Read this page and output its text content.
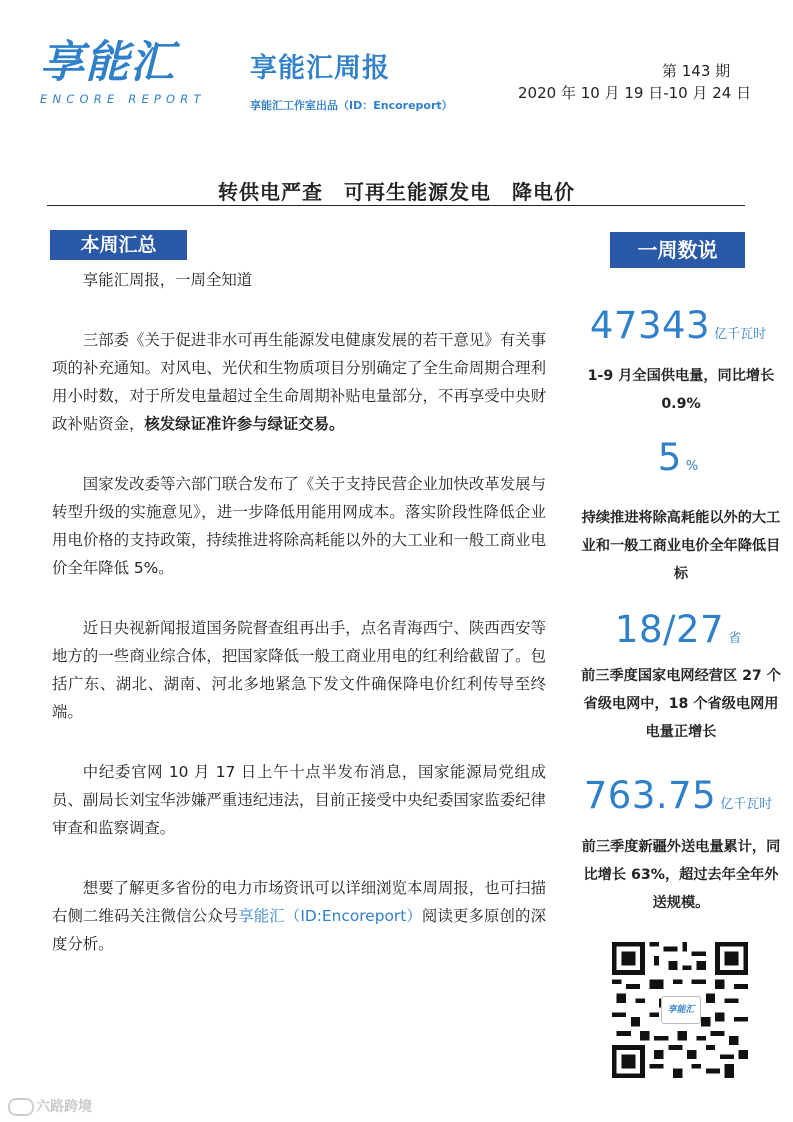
享能汇
ENCORE REPORT
享能汇周报
享能汇工作室出品（ID：Encoreport）
第 143 期
2020 年 10 月 19 日-10 月 24 日
转供电严查　可再生能源发电　降电价
本周汇总

享能汇周报，一周全知道

三部委《关于促进非水可再生能源发电健康发展的若干意见》有关事项的补充通知。对风电、光伏和生物质项目分别确定了全生命周期合理利用小时数，对于所发电量超过全生命周期补贴电量部分，不再享受中央财政补贴资金，核发绿证准许参与绿证交易。

国家发改委等六部门联合发布了《关于支持民营企业加快改革发展与转型升级的实施意见》，进一步降低用能用网成本。落实阶段性降低企业用电价格的支持政策，持续推进将除高耗能以外的大工业和一般工商业电价全年降低 5%。

近日央视新闻报道国务院督查组再出手，点名青海西宁、陕西西安等地方的一些商业综合体，把国家降低一般工商业用电的红利给截留了。包括广东、湖北、湖南、河北多地紧急下发文件确保降电价红利传导至终端。

中纪委官网 10 月 17 日上午十点半发布消息，国家能源局党组成员、副局长刘宝华涉嫌严重违纪违法，目前正接受中央纪委国家监委纪律审查和监察调查。

想要了解更多省份的电力市场资讯可以详细浏览本周周报，也可扫描右侧二维码关注微信公众号享能汇（ID:Encoreport）阅读更多原创的深度分析。

一周数说
47343 亿千瓦时
1-9 月全国供电量，同比增长 0.9%
5 %
持续推进将除高耗能以外的大工业和一般工商业电价全年降低目标
18/27 省
前三季度国家电网经营区 27 个省级电网中，18 个省级电网用电量正增长
763.75 亿千瓦时
前三季度新疆外送电量累计，同比增长 63%，超过去年全年外送规模。
享能汇
六路跨境
